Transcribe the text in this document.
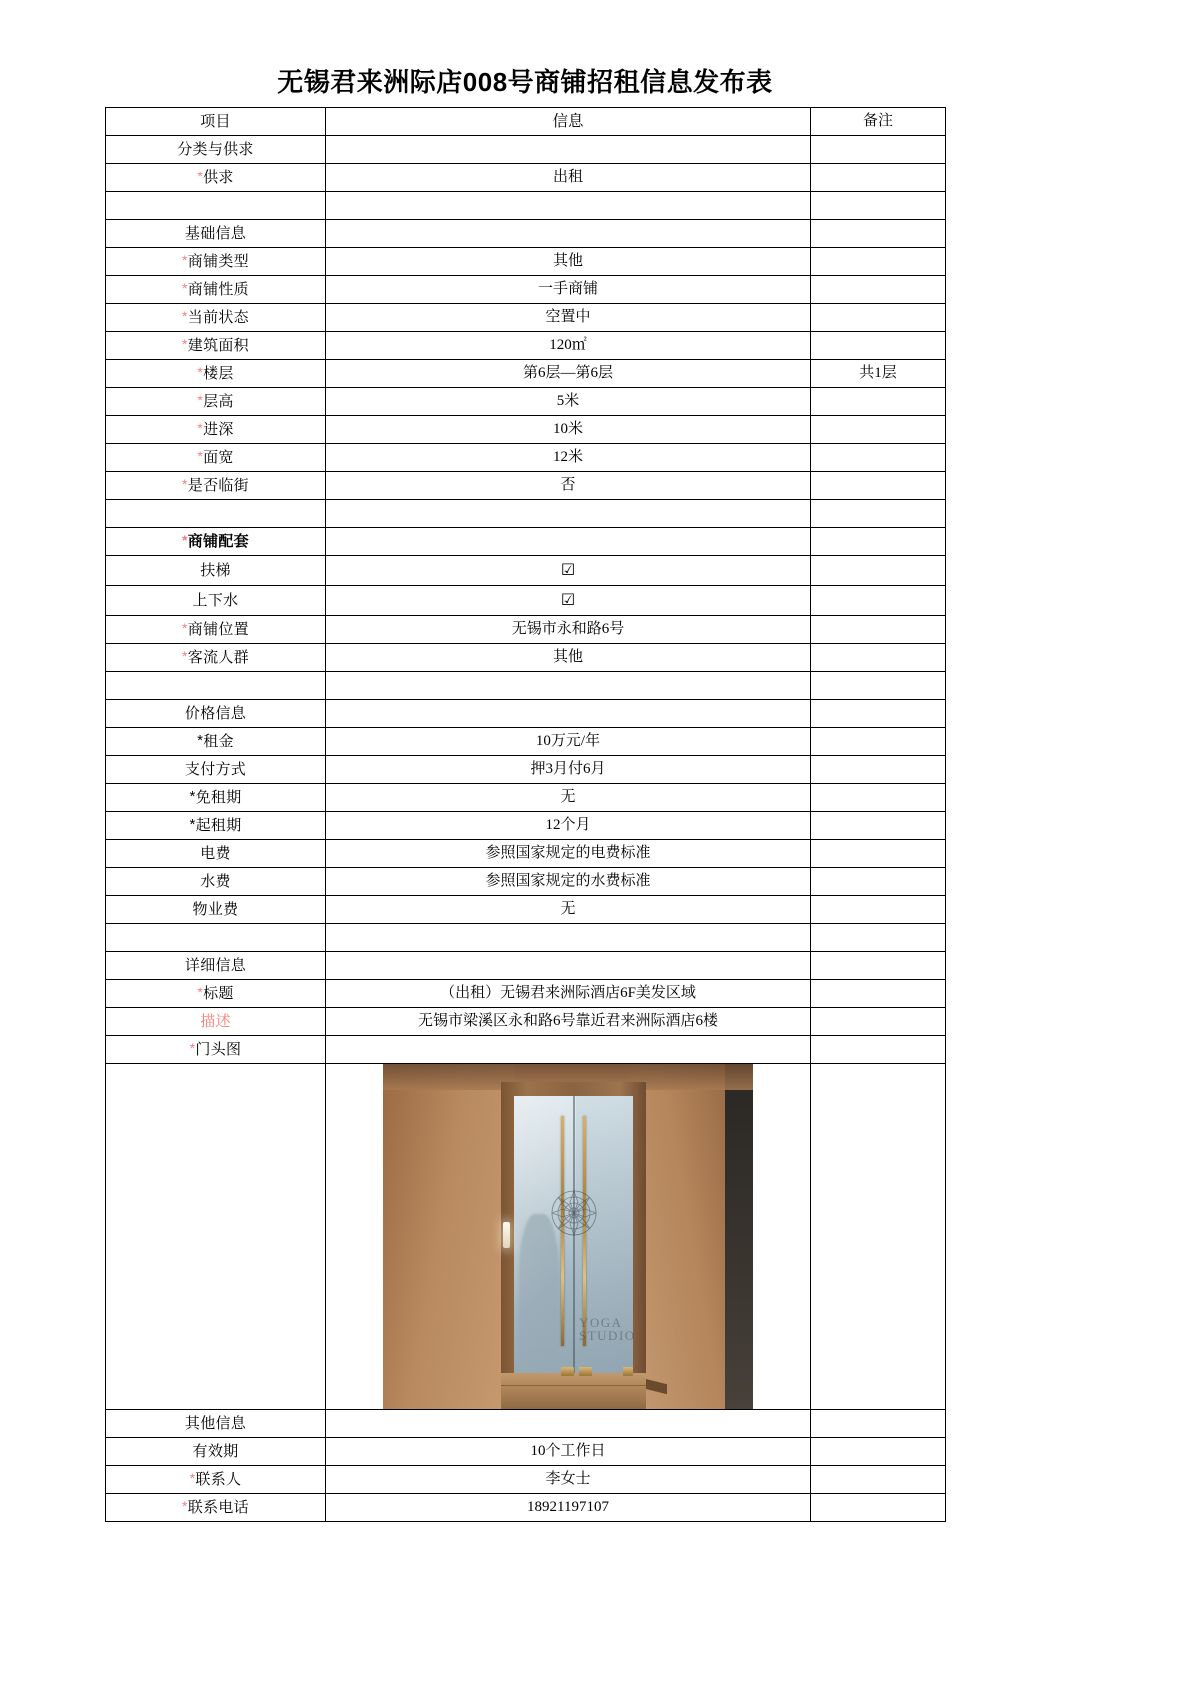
无锡君来洲际店008号商铺招租信息发布表
项目	信息	备注
分类与供求		
*供求	出租	

基础信息		
*商铺类型	其他	
*商铺性质	一手商铺	
*当前状态	空置中	
*建筑面积	120㎡	
*楼层	第6层—第6层	共1层
*层高	5米	
*进深	10米	
*面宽	12米	
*是否临街	否	

*商铺配套		
扶梯	☑	
上下水	☑	
*商铺位置	无锡市永和路6号	
*客流人群	其他	

价格信息		
*租金	10万元/年	
支付方式	押3月付6月	
*免租期	无	
*起租期	12个月	
电费	参照国家规定的电费标准	
水费	参照国家规定的水费标准	
物业费	无	

详细信息		
*标题	（出租）无锡君来洲际酒店6F美发区域	
描述	无锡市梁溪区永和路6号靠近君来洲际酒店6楼	
*门头图		

	YOGA
STUDIO	

其他信息		
有效期	10个工作日	
*联系人	李女士	
*联系电话	18921197107	
